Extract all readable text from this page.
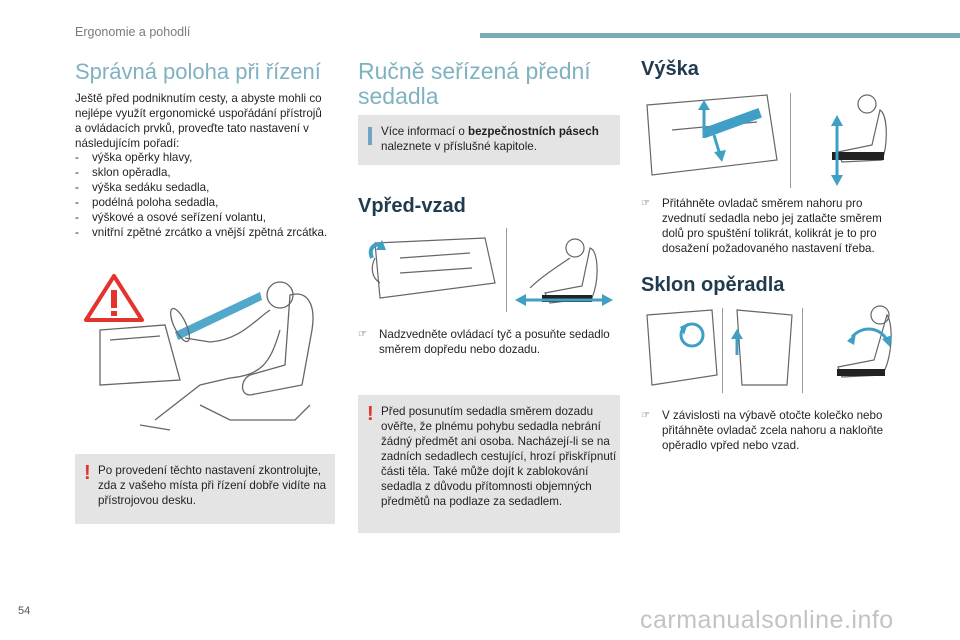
Ergonomie a pohodlí
Správná poloha při řízení

Ještě před podniknutím cesty, a abyste mohli co nejlépe využít ergonomické uspořádání přístrojů a ovládacích prvků, proveďte tato nastavení v následujícím pořadí:

- výška opěrky hlavy,
- sklon opěradla,
- výška sedáku sedadla,
- podélná poloha sedadla,
- výškové a osové seřízení volantu,
- vnitřní zpětné zrcátko a vnější zpětná zrcátka.
! Po provedení těchto nastavení zkontrolujte, zda z vašeho místa při řízení dobře vidíte na přístrojovou desku.

Ručně seřízená přední sedadla

Více informací o bezpečnostních pásech naleznete v příslušné kapitole.

Vpřed-vzad
☞ Nadzvedněte ovládací tyč a posuňte sedadlo směrem dopředu nebo dozadu.
! Před posunutím sedadla směrem dozadu ověřte, že plnému pohybu sedadla nebrání žádný předmět ani osoba. Nacházejí-li se na zadních sedadlech cestující, hrozí přiskřípnutí části těla. Také může dojít k zablokování sedadla z důvodu přítomnosti objemných předmětů na podlaze za sedadlem.

Výška
☞ Přitáhněte ovladač směrem nahoru pro zvednutí sedadla nebo jej zatlačte směrem dolů pro spuštění tolikrát, kolikrát je to pro dosažení požadovaného nastavení třeba.
Sklon opěradla
☞ V závislosti na výbavě otočte kolečko nebo přitáhněte ovladač zcela nahoru a nakloňte opěradlo vpřed nebo vzad.
54	carmanualsonline.info
